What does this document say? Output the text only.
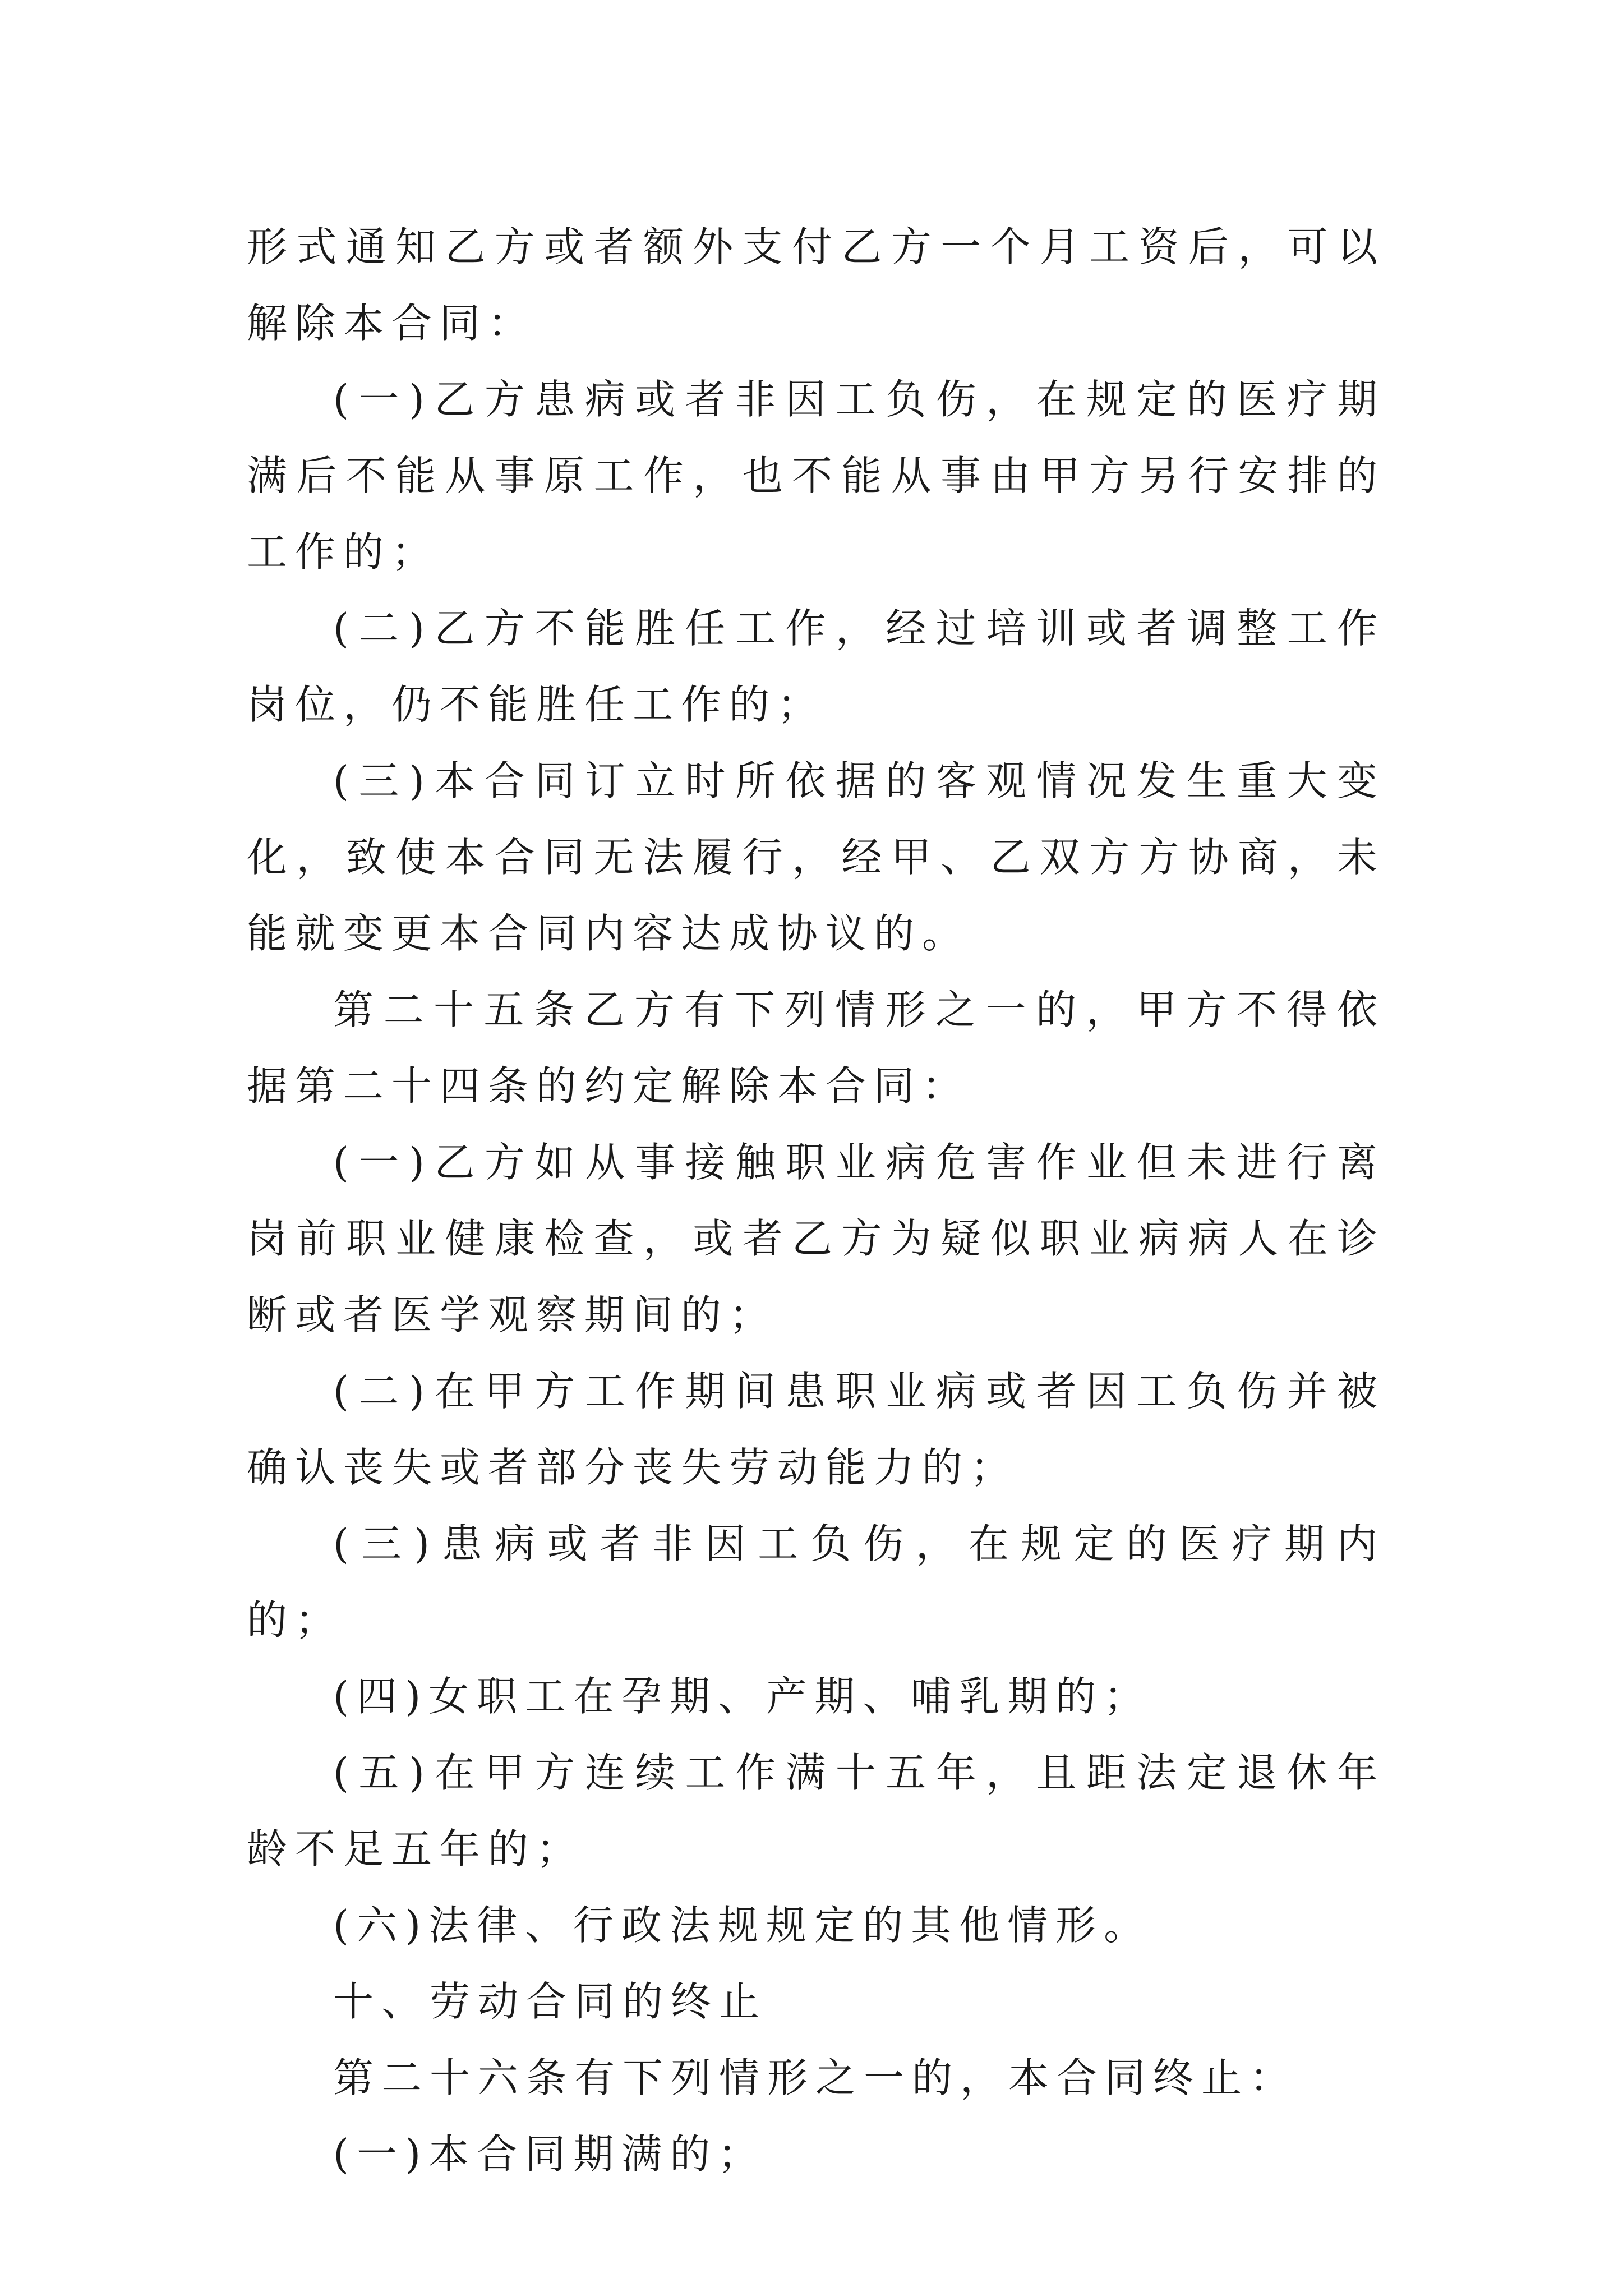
形式通知乙方或者额外支付乙方一个月工资后，可以解除本合同：

(一)乙方患病或者非因工负伤，在规定的医疗期满后不能从事原工作，也不能从事由甲方另行安排的工作的；

(二)乙方不能胜任工作，经过培训或者调整工作岗位，仍不能胜任工作的；

(三)本合同订立时所依据的客观情况发生重大变化，致使本合同无法履行，经甲、乙双方方协商，未能就变更本合同内容达成协议的。

第二十五条乙方有下列情形之一的，甲方不得依据第二十四条的约定解除本合同：

(一)乙方如从事接触职业病危害作业但未进行离岗前职业健康检查，或者乙方为疑似职业病病人在诊断或者医学观察期间的；

(二)在甲方工作期间患职业病或者因工负伤并被确认丧失或者部分丧失劳动能力的；

(三)患病或者非因工负伤，在规定的医疗期内的；

(四)女职工在孕期、产期、哺乳期的；

(五)在甲方连续工作满十五年，且距法定退休年龄不足五年的；

(六)法律、行政法规规定的其他情形。

十、劳动合同的终止

第二十六条有下列情形之一的，本合同终止：

(一)本合同期满的；
